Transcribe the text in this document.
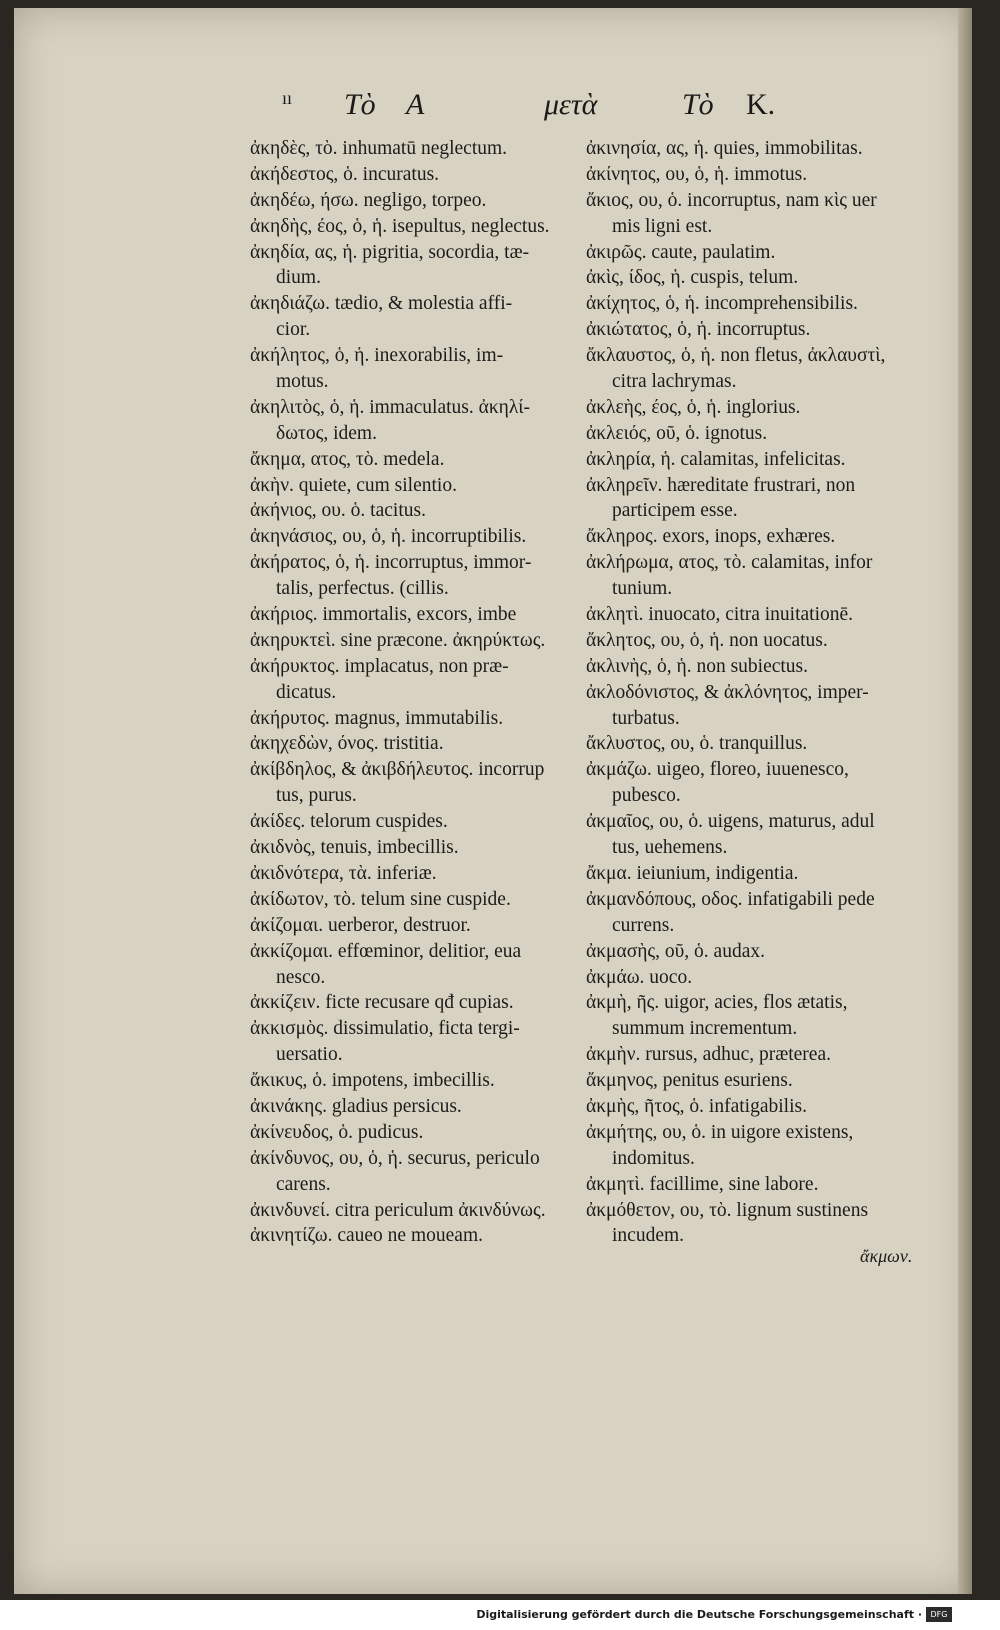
ıı Τὸ Α	μετὰ	Τὸ Κ.
ἀκηδὲς, τὸ. inhumatū neglectum.
ἀκήδεστος, ὁ. incuratus.
ἀκηδέω, ήσω. negligo, torpeo.
ἀκηδὴς, έος, ὁ, ἡ. isepultus, neglectus.
ἀκηδία, ας, ἡ. pigritia, socordia, tæ-
dium.
ἀκηδιάζω. tædio, & molestia affi-
cior.
ἀκήλητος, ὁ, ἡ. inexorabilis, im-
motus.
ἀκηλιτὸς, ὁ, ἡ. immaculatus. ἀκηλί-
δωτος, idem.
ἄκημα, ατος, τὸ. medela.
ἀκὴν. quiete, cum silentio.
ἀκήνιος, ου. ὁ. tacitus.
ἀκηνάσιος, ου, ὁ, ἡ. incorruptibilis.
ἀκήρατος, ὁ, ἡ. incorruptus, immor-
talis, perfectus. (cillis.
ἀκήριος. immortalis, excors, imbe
ἀκηρυκτεὶ. sine præcone. ἀκηρύκτως.
ἀκήρυκτος. implacatus, non præ-
dicatus.
ἀκήρυτος. magnus, immutabilis.
ἀκηχεδὼν, όνος. tristitia.
ἀκίβδηλος, & ἀκιβδήλευτος. incorrup
tus, purus.
ἀκίδες. telorum cuspides.
ἀκιδνὸς, tenuis, imbecillis.
ἀκιδνότερα, τὰ. inferiæ.
ἀκίδωτον, τὸ. telum sine cuspide.
ἀκίζομαι. uerberor, destruor.
ἀκκίζομαι. effœminor, delitior, eua
nesco.
ἀκκίζειν. ficte recusare qđ cupias.
ἀκκισμὸς. dissimulatio, ficta tergi-
uersatio.
ἄκικυς, ὁ. impotens, imbecillis.
ἀκινάκης. gladius persicus.
ἀκίνευδος, ὁ. pudicus.
ἀκίνδυνος, ου, ὁ, ἡ. securus, periculo
carens.
ἀκινδυνεί. citra periculum ἀκινδύνως.
ἀκινητίζω. caueo ne moueam.
ἀκινησία, ας, ἡ. quies, immobilitas.
ἀκίνητος, ου, ὁ, ἡ. immotus.
ἄκιος, ου, ὁ. incorruptus, nam κὶς uer
mis ligni est.
ἀκιρῶς. caute, paulatim.
ἀκὶς, ίδος, ἡ. cuspis, telum.
ἀκίχητος, ὁ, ἡ. incomprehensibilis.
ἀκιώτατος, ὁ, ἡ. incorruptus.
ἄκλαυστος, ὁ, ἡ. non fletus, ἀκλαυστὶ,
citra lachrymas.
ἀκλεὴς, έος, ὁ, ἡ. inglorius.
ἀκλειός, οῦ, ὁ. ignotus.
ἀκληρία, ἡ. calamitas, infelicitas.
ἀκληρεῖν. hæreditate frustrari, non
participem esse.
ἄκληρος. exors, inops, exhæres.
ἀκλήρωμα, ατος, τὸ. calamitas, infor
tunium.
ἀκλητὶ. inuocato, citra inuitationē.
ἄκλητος, ου, ὁ, ἡ. non uocatus.
ἀκλινὴς, ὁ, ἡ. non subiectus.
ἀκλοδόνιστος, & ἀκλόνητος, imper-
turbatus.
ἄκλυστος, ου, ὁ. tranquillus.
ἀκμάζω. uigeo, floreo, iuuenesco,
pubesco.
ἀκμαῖος, ου, ὁ. uigens, maturus, adul
tus, uehemens.
ἄκμα. ieiunium, indigentia.
ἀκμανδόπους, οδος. infatigabili pede
currens.
ἀκμασὴς, οῦ, ὁ. audax.
ἀκμάω. uoco.
ἀκμὴ, ῆς. uigor, acies, flos ætatis,
summum incrementum.
ἀκμὴν. rursus, adhuc, præterea.
ἄκμηνος, penitus esuriens.
ἀκμὴς, ῆτος, ὁ. infatigabilis.
ἀκμήτης, ου, ὁ. in uigore existens,
indomitus.
ἀκμητὶ. facillime, sine labore.
ἀκμόθετον, ου, τὸ. lignum sustinens
incudem.
ἄκμων.
Digitalisierung gefördert durch die Deutsche Forschungsgemeinschaft ·	DFG
